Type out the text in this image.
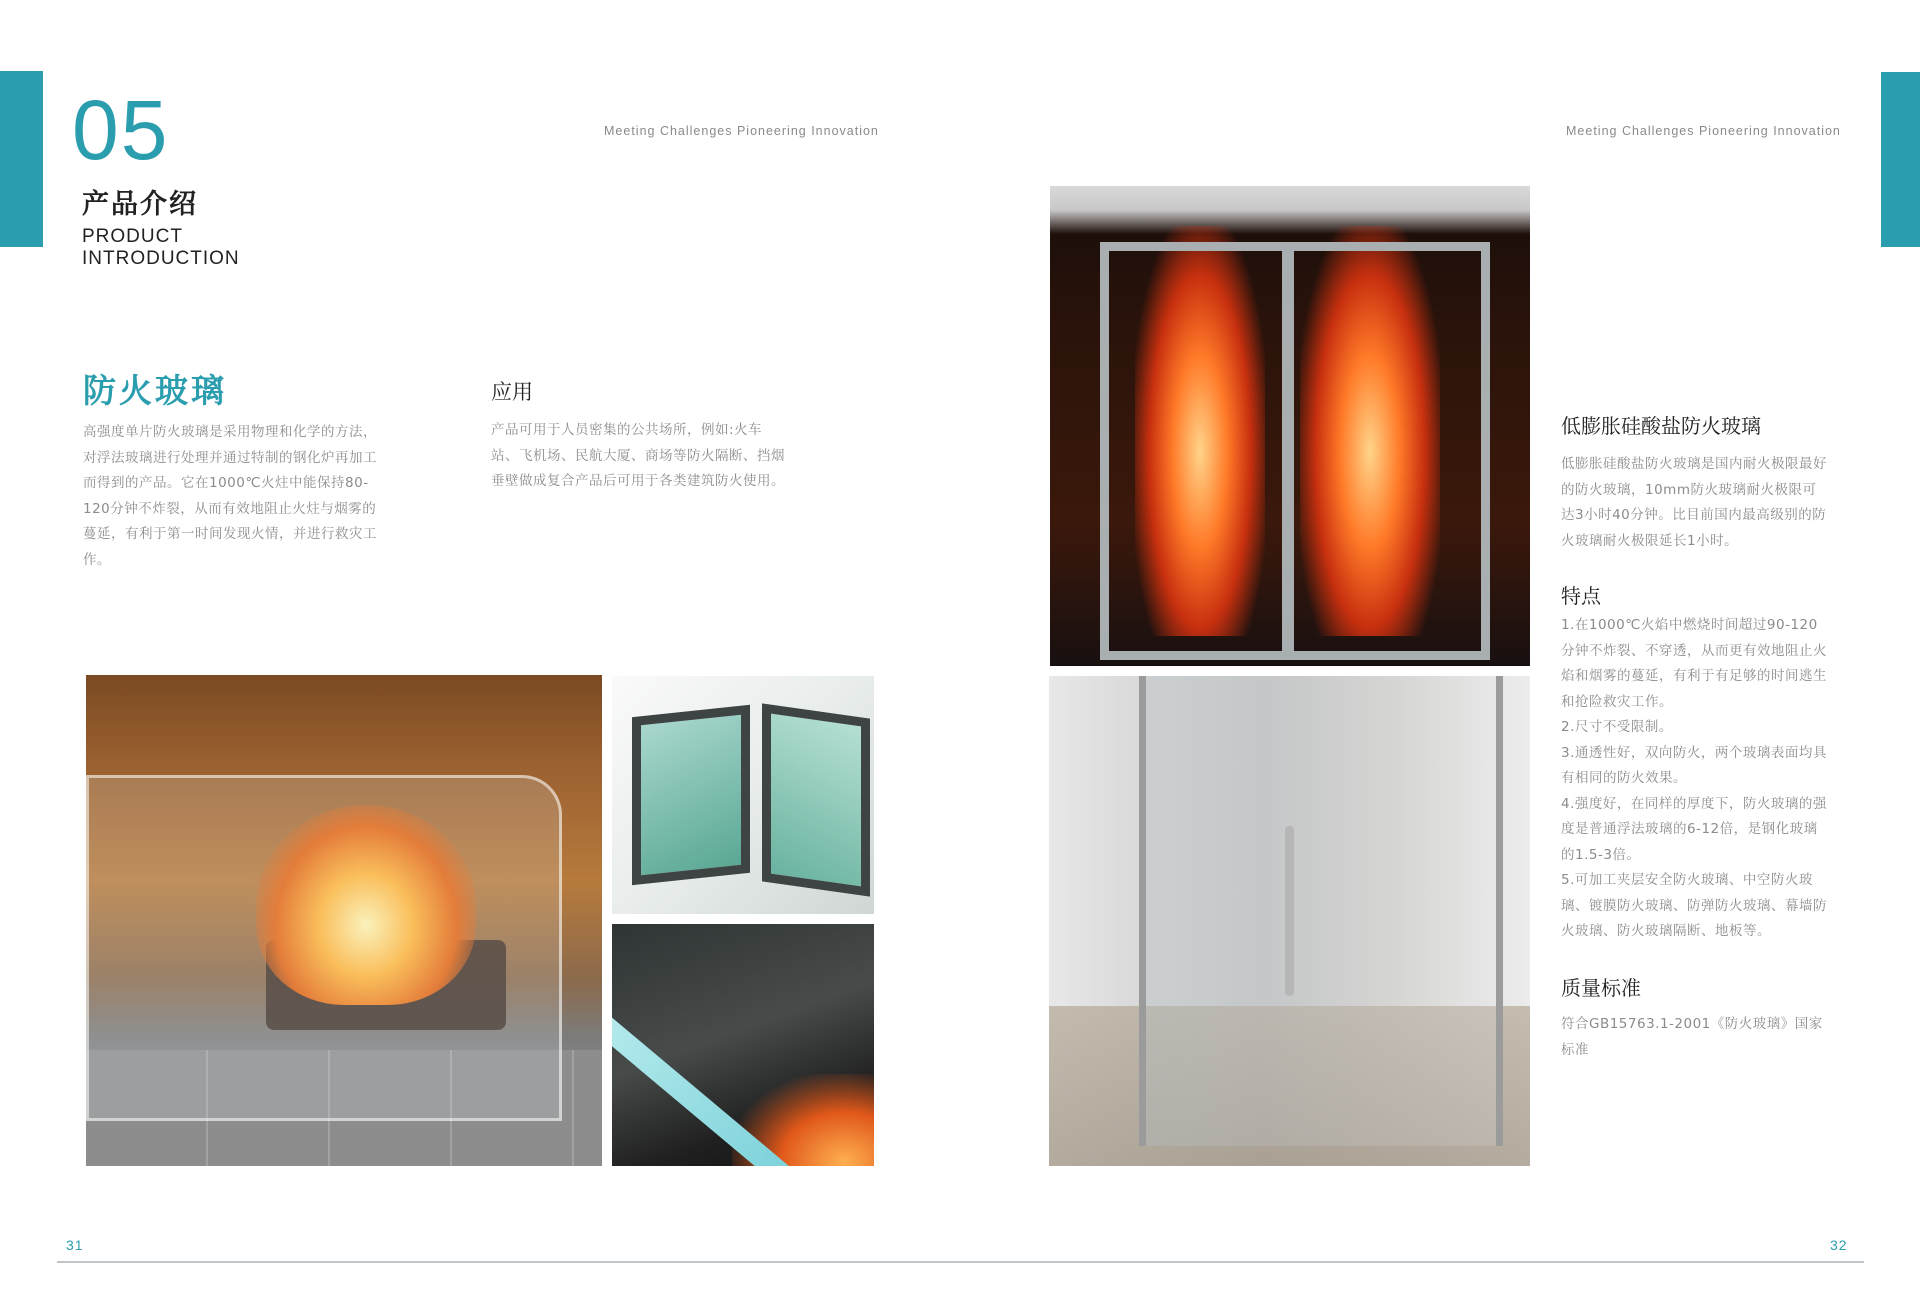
05
产品介绍
PRODUCT
INTRODUCTION
Meeting Challenges Pioneering Innovation	Meeting Challenges Pioneering Innovation
防火玻璃
高强度单片防火玻璃是采用物理和化学的方法，对浮法玻璃进行处理并通过特制的钢化炉再加工而得到的产品。它在1000℃火炷中能保持80-120分钟不炸裂，从而有效地阻止火炷与烟雾的蔓延，有利于第一时间发现火情，并进行救灾工作。
应用
产品可用于人员密集的公共场所，例如:火车站、飞机场、民航大厦、商场等防火隔断、挡烟垂壁做成复合产品后可用于各类建筑防火使用。
低膨胀硅酸盐防火玻璃
低膨胀硅酸盐防火玻璃是国内耐火极限最好的防火玻璃，10mm防火玻璃耐火极限可达3小时40分钟。比目前国内最高级别的防火玻璃耐火极限延长1小时。
特点
1.在1000℃火焰中燃烧时间超过90-120分钟不炸裂、不穿透，从而更有效地阻止火焰和烟雾的蔓延，有利于有足够的时间逃生和抢险救灾工作。
2.尺寸不受限制。
3.通透性好，双向防火，两个玻璃表面均具有相同的防火效果。
4.强度好，在同样的厚度下，防火玻璃的强度是普通浮法玻璃的6-12倍，是钢化玻璃的1.5-3倍。
5.可加工夹层安全防火玻璃、中空防火玻璃、镀膜防火玻璃、防弹防火玻璃、幕墙防火玻璃、防火玻璃隔断、地板等。
质量标准
符合GB15763.1-2001《防火玻璃》国家标准
31	32
